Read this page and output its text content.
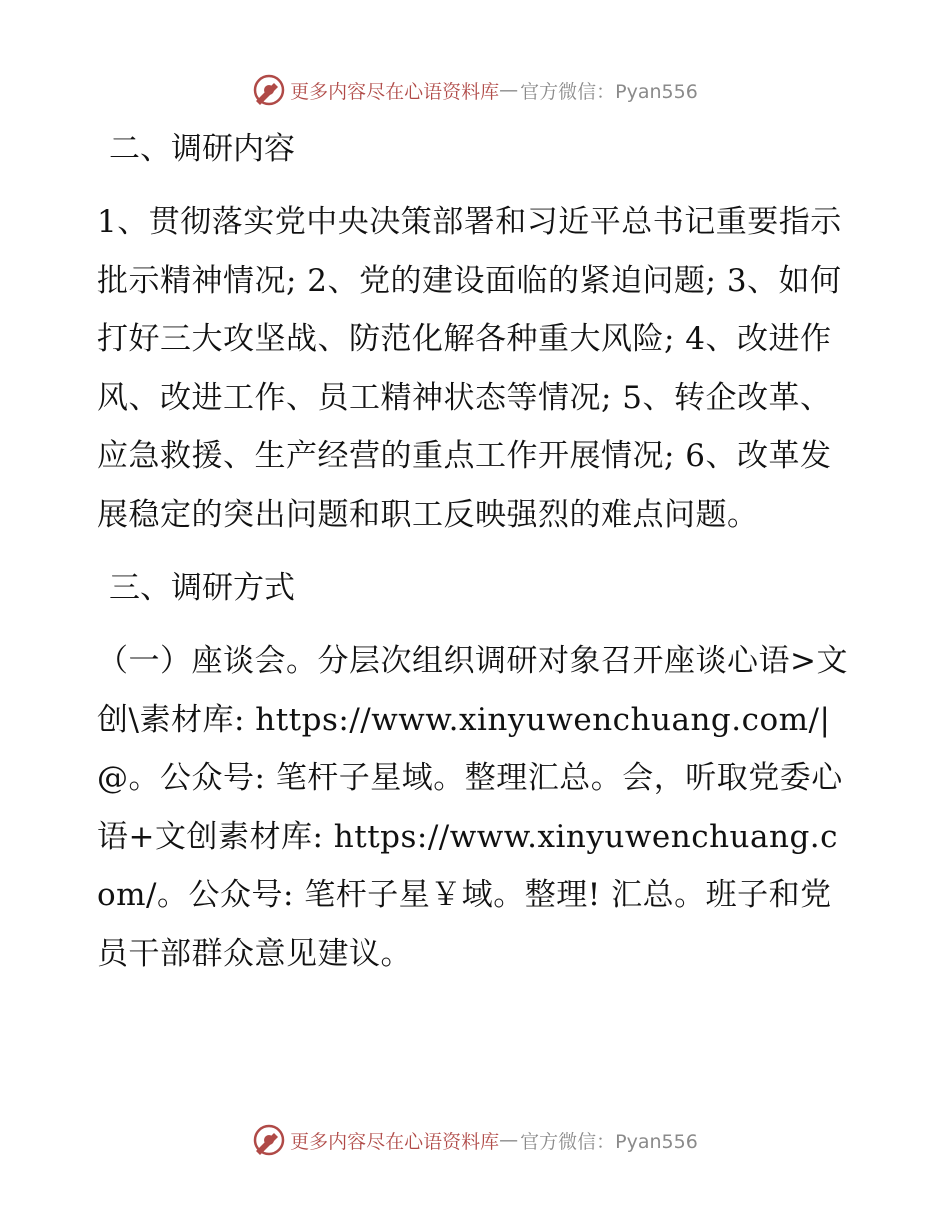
更多内容尽在心语资料库 — 官方微信：Pyan556

二、调研内容

1、贯彻落实党中央决策部署和习近平总书记重要指示批示精神情况; 2、党的建设面临的紧迫问题; 3、如何打好三大攻坚战、防范化解各种重大风险; 4、改进作风、改进工作、员工精神状态等情况; 5、转企改革、应急救援、生产经营的重点工作开展情况; 6、改革发展稳定的突出问题和职工反映强烈的难点问题。

三、调研方式

（一）座谈会。分层次组织调研对象召开座谈心语>文创\素材库: https://www.xinyuwenchuang.com/|@。公众号: 笔杆子星域。整理汇总。会，听取党委心语+文创素材库: https://www.xinyuwenchuang.com/。公众号: 笔杆子星￥域。整理! 汇总。班子和党员干部群众意见建议。

更多内容尽在心语资料库 — 官方微信：Pyan556
